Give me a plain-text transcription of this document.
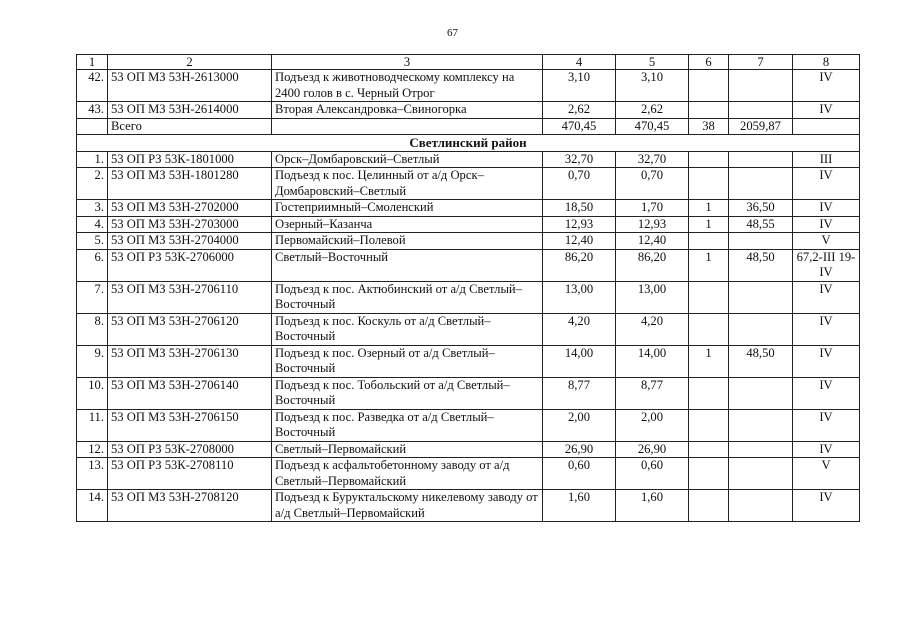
67
1	2	3	4	5	6	7	8
42.	53 ОП МЗ 53Н-2613000	Подъезд к животноводческому комплексу на 2400 голов в с. Черный Отрог	3,10	3,10			IV
43.	53 ОП МЗ 53Н-2614000	Вторая Александровка–Свиногорка	2,62	2,62			IV
	Всего		470,45	470,45	38	2059,87	
Светлинский район							
1.	53 ОП РЗ 53К-1801000	Орск–Домбаровский–Светлый	32,70	32,70			III
2.	53 ОП МЗ 53Н-1801280	Подъезд к пос. Целинный от а/д Орск–Домбаровский–Светлый	0,70	0,70			IV
3.	53 ОП МЗ 53Н-2702000	Гостеприимный–Смоленский	18,50	1,70	1	36,50	IV
4.	53 ОП МЗ 53Н-2703000	Озерный–Казанча	12,93	12,93	1	48,55	IV
5.	53 ОП МЗ 53Н-2704000	Первомайский–Полевой	12,40	12,40			V
6.	53 ОП РЗ 53К-2706000	Светлый–Восточный	86,20	86,20	1	48,50	67,2-III 19-IV
7.	53 ОП МЗ 53Н-2706110	Подъезд к пос. Актюбинский от а/д Светлый–Восточный	13,00	13,00			IV
8.	53 ОП МЗ 53Н-2706120	Подъезд к пос. Коскуль от а/д Светлый–Восточный	4,20	4,20			IV
9.	53 ОП МЗ 53Н-2706130	Подъезд к пос. Озерный от а/д Светлый–Восточный	14,00	14,00	1	48,50	IV
10.	53 ОП МЗ 53Н-2706140	Подъезд к пос. Тобольский от а/д Светлый–Восточный	8,77	8,77			IV
11.	53 ОП МЗ 53Н-2706150	Подъезд к пос. Разведка от а/д Светлый–Восточный	2,00	2,00			IV
12.	53 ОП РЗ 53К-2708000	Светлый–Первомайский	26,90	26,90			IV
13.	53 ОП РЗ 53К-2708110	Подъезд к асфальтобетонному заводу от а/д Светлый–Первомайский	0,60	0,60			V
14.	53 ОП МЗ 53Н-2708120	Подъезд к Буруктальскому никелевому заводу от а/д Светлый–Первомайский	1,60	1,60			IV
